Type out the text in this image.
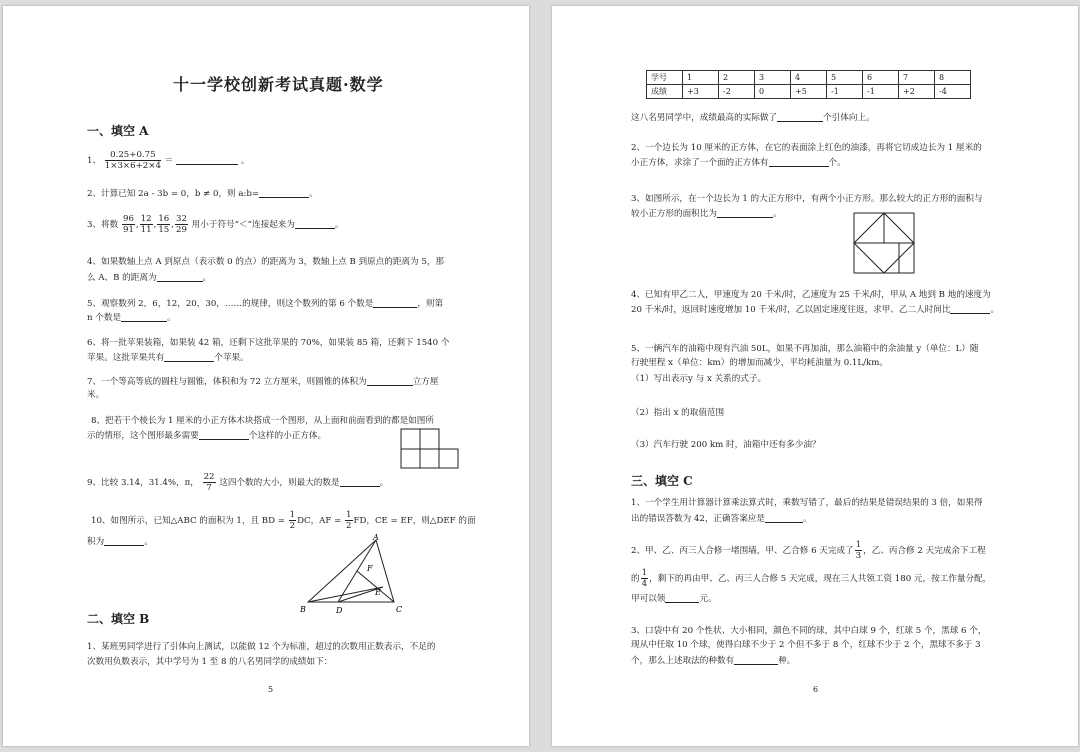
十一学校创新考试真题·数学
一、填空 A
1、 $\frac{0.25+0.75}{1\times 3\times 6+2\times 4}$ ＝	。
2、计算已知 2a - 3b = 0，b ≠ 0，则 a:b=	。
3、将数 $\frac{96}{91}$ , $\frac{12}{11}$ , $\frac{16}{15}$ , $\frac{32}{29}$ 用小于符号“＜”连接起来为	。
4、如果数轴上点 A 到原点（表示数 0 的点）的距离为 3，数轴上点 B 到原点的距离为 5，那
么 A、B 的距离为	。
5、观察数列 2，6，12，20，30，……的规律，则这个数列的第 6 个数是	，则第
n 个数是	。
6、将一批苹果装箱，如果装 42 箱，还剩下这批苹果的 70%，如果装 85 箱，还剩下 1540 个
苹果。这批苹果共有	个苹果。
7、一个等高等底的圆柱与圆锥，体积和为 72 立方厘米，则圆锥的体积为	立方厘
米。
8、把若干个棱长为 1 厘米的小正方体木块搭成一个图形，从上面和前面看到的都是如图所
示的情形，这个图形最多需要	个这样的小正方体。
9、比较 3.14，31.4%，π， $\frac{22}{7}$ 这四个数的大小，则最大的数是	。
10、如图所示，已知△ABC 的面积为 1，且 BD = $\frac{1}{2}$ DC，AF = $\frac{1}{2}$ FD，CE = EF，则△DEF 的面
积为	。	A
B	C
D
E
F
二、填空 B
1、某班男同学进行了引体向上测试，以能做 12 个为标准，超过的次数用正数表示，不足的
次数用负数表示，其中学号为 1 至 8 的八名男同学的成绩如下：
5
学号	1	2	3	4	5	6	7	8
成绩	+3	-2	0	+5	-1	-1	+2	-4
这八名男同学中，成绩最高的实际做了	个引体向上。
2、一个边长为 10 厘米的正方体，在它的表面涂上红色的油漆，再将它切成边长为 1 厘米的
小正方体，求涂了一个面的正方体有	个。
3、如图所示，在一个边长为 1 的大正方形中，有两个小正方形。那么较大的正方形的面积与
较小正方形的面积比为	。
4、已知有甲乙二人，甲速度为 20 千米/时，乙速度为 25 千米/时，甲从 A 地到 B 地的速度为
20 千米/时，返回时速度增加 10 千米/时，乙以固定速度往返，求甲、乙二人时间比	。
5、一辆汽车的油箱中现有汽油 50L，如果不再加油，那么油箱中的余油量 y（单位：L）随
行驶里程 x（单位：km）的增加而减少，平均耗油量为 0.1L/km。
（1）写出表示y 与 x 关系的式子。
（2）指出 x 的取值范围
（3）汽车行驶 200 km 时，油箱中还有多少油？
三、填空 C
1、一个学生用计算器计算乘法算式时，乘数写错了，最后的结果是错误结果的 3 倍，如果得
出的错误答数为 42，正确答案应是	。
2、甲、乙、丙三人合修一堵围墙，甲、乙合修 6 天完成了 $\frac{1}{3}$ ，乙、丙合修 2 天完成余下工程
的 $\frac{1}{4}$ ，剩下的再由甲、乙、丙三人合修 5 天完成，现在三人共领工资 180 元，按工作量分配，
甲可以领	元。
3、口袋中有 20 个性状、大小相同，颜色不同的球，其中白球 9 个，红球 5 个，黑球 6 个，
现从中任取 10 个球，使得白球不少于 2 个但不多于 8 个，红球不少于 2 个，黑球不多于 3
个，那么上述取法的种数有	种。
6
